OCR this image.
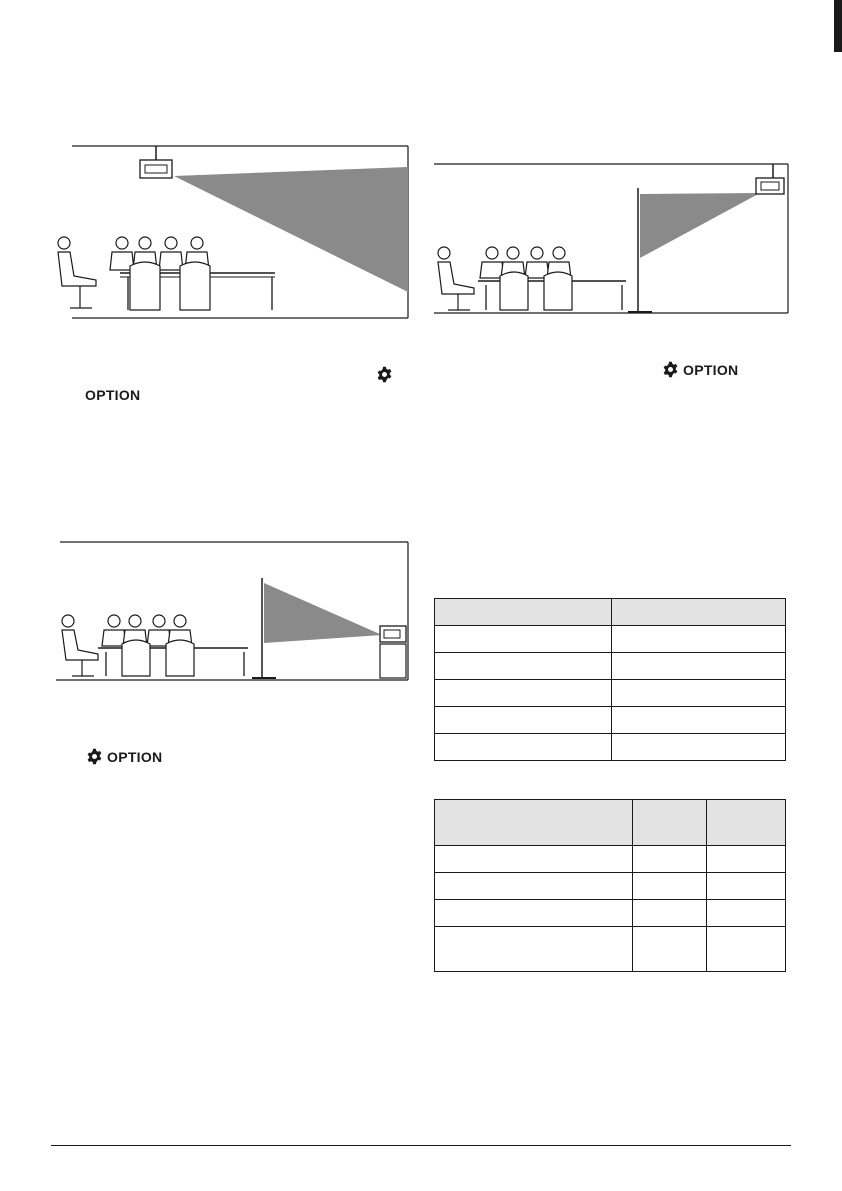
OPTION
OPTION
OPTION
